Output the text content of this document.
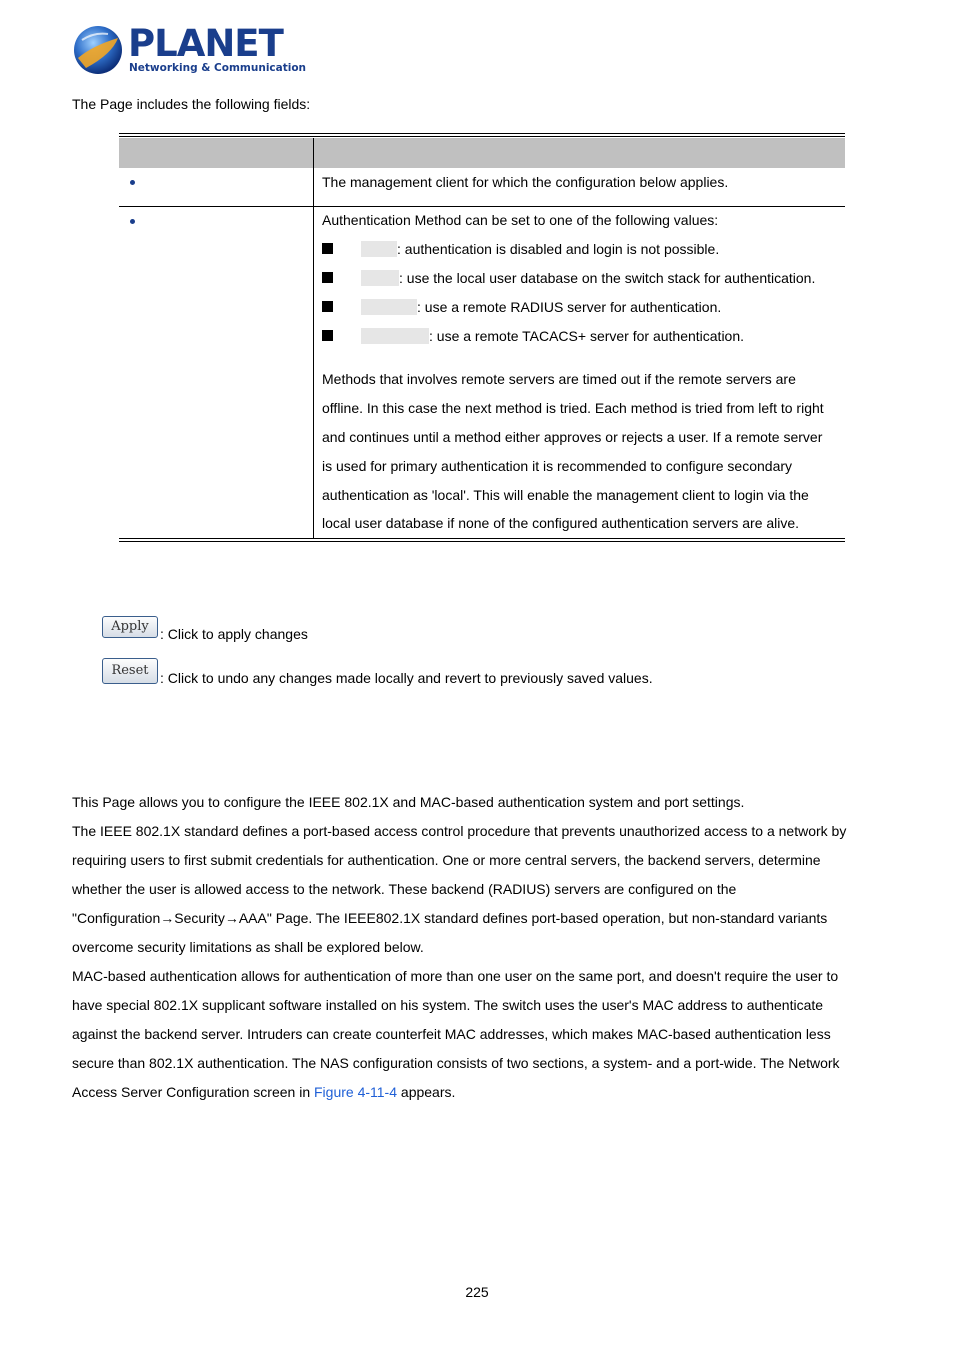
PLANET
Networking & Communication
The Page includes the following fields:
The management client for which the configuration below applies.
Authentication Method can be set to one of the following values:
: authentication is disabled and login is not possible.
: use the local user database on the switch stack for authentication.
: use a remote RADIUS server for authentication.
: use a remote TACACS+ server for authentication.
Methods that involves remote servers are timed out if the remote servers are
offline. In this case the next method is tried. Each method is tried from left to right
and continues until a method either approves or rejects a user. If a remote server
is used for primary authentication it is recommended to configure secondary
authentication as 'local'. This will enable the management client to login via the
local user database if none of the configured authentication servers are alive.
Apply : Click to apply changes
Reset : Click to undo any changes made locally and revert to previously saved values.
This Page allows you to configure the IEEE 802.1X and MAC-based authentication system and port settings.
The IEEE 802.1X standard defines a port-based access control procedure that prevents unauthorized access to a network by
requiring users to first submit credentials for authentication. One or more central servers, the backend servers, determine
whether the user is allowed access to the network. These backend (RADIUS) servers are configured on the
"Configuration→Security→AAA" Page. The IEEE802.1X standard defines port-based operation, but non-standard variants
overcome security limitations as shall be explored below.
MAC-based authentication allows for authentication of more than one user on the same port, and doesn't require the user to
have special 802.1X supplicant software installed on his system. The switch uses the user's MAC address to authenticate
against the backend server. Intruders can create counterfeit MAC addresses, which makes MAC-based authentication less
secure than 802.1X authentication. The NAS configuration consists of two sections, a system- and a port-wide. The Network
Access Server Configuration screen in Figure 4-11-4 appears.
225
